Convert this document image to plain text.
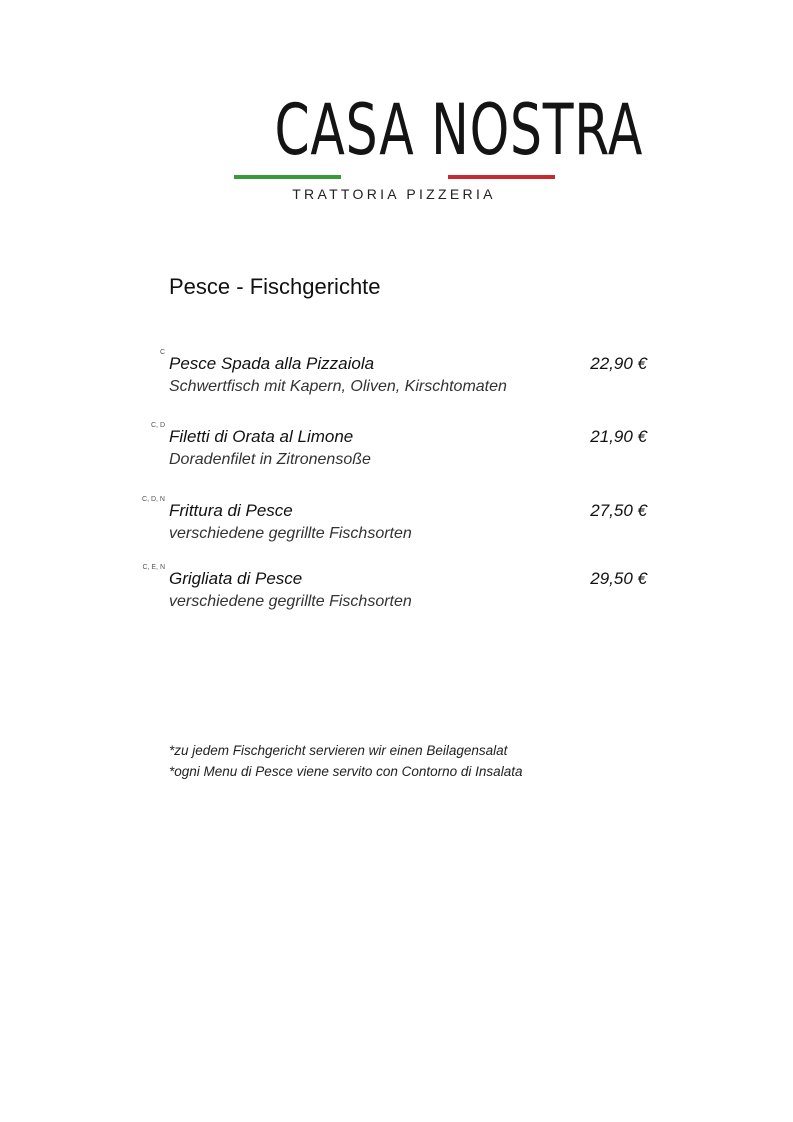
CASA NOSTRA
TRATTORIA PIZZERIA
Pesce - Fischgerichte
C
Pesce Spada alla Pizzaiola	22,90 €
Schwertfisch mit Kapern, Oliven, Kirschtomaten
C, D
Filetti di Orata al Limone	21,90 €
Doradenfilet in Zitronensoße
C, D, N
Frittura di Pesce	27,50 €
verschiedene gegrillte Fischsorten
C, E, N
Grigliata di Pesce	29,50 €
verschiedene gegrillte Fischsorten
*zu jedem Fischgericht servieren wir einen Beilagensalat
*ogni Menu di Pesce viene servito con Contorno di Insalata
